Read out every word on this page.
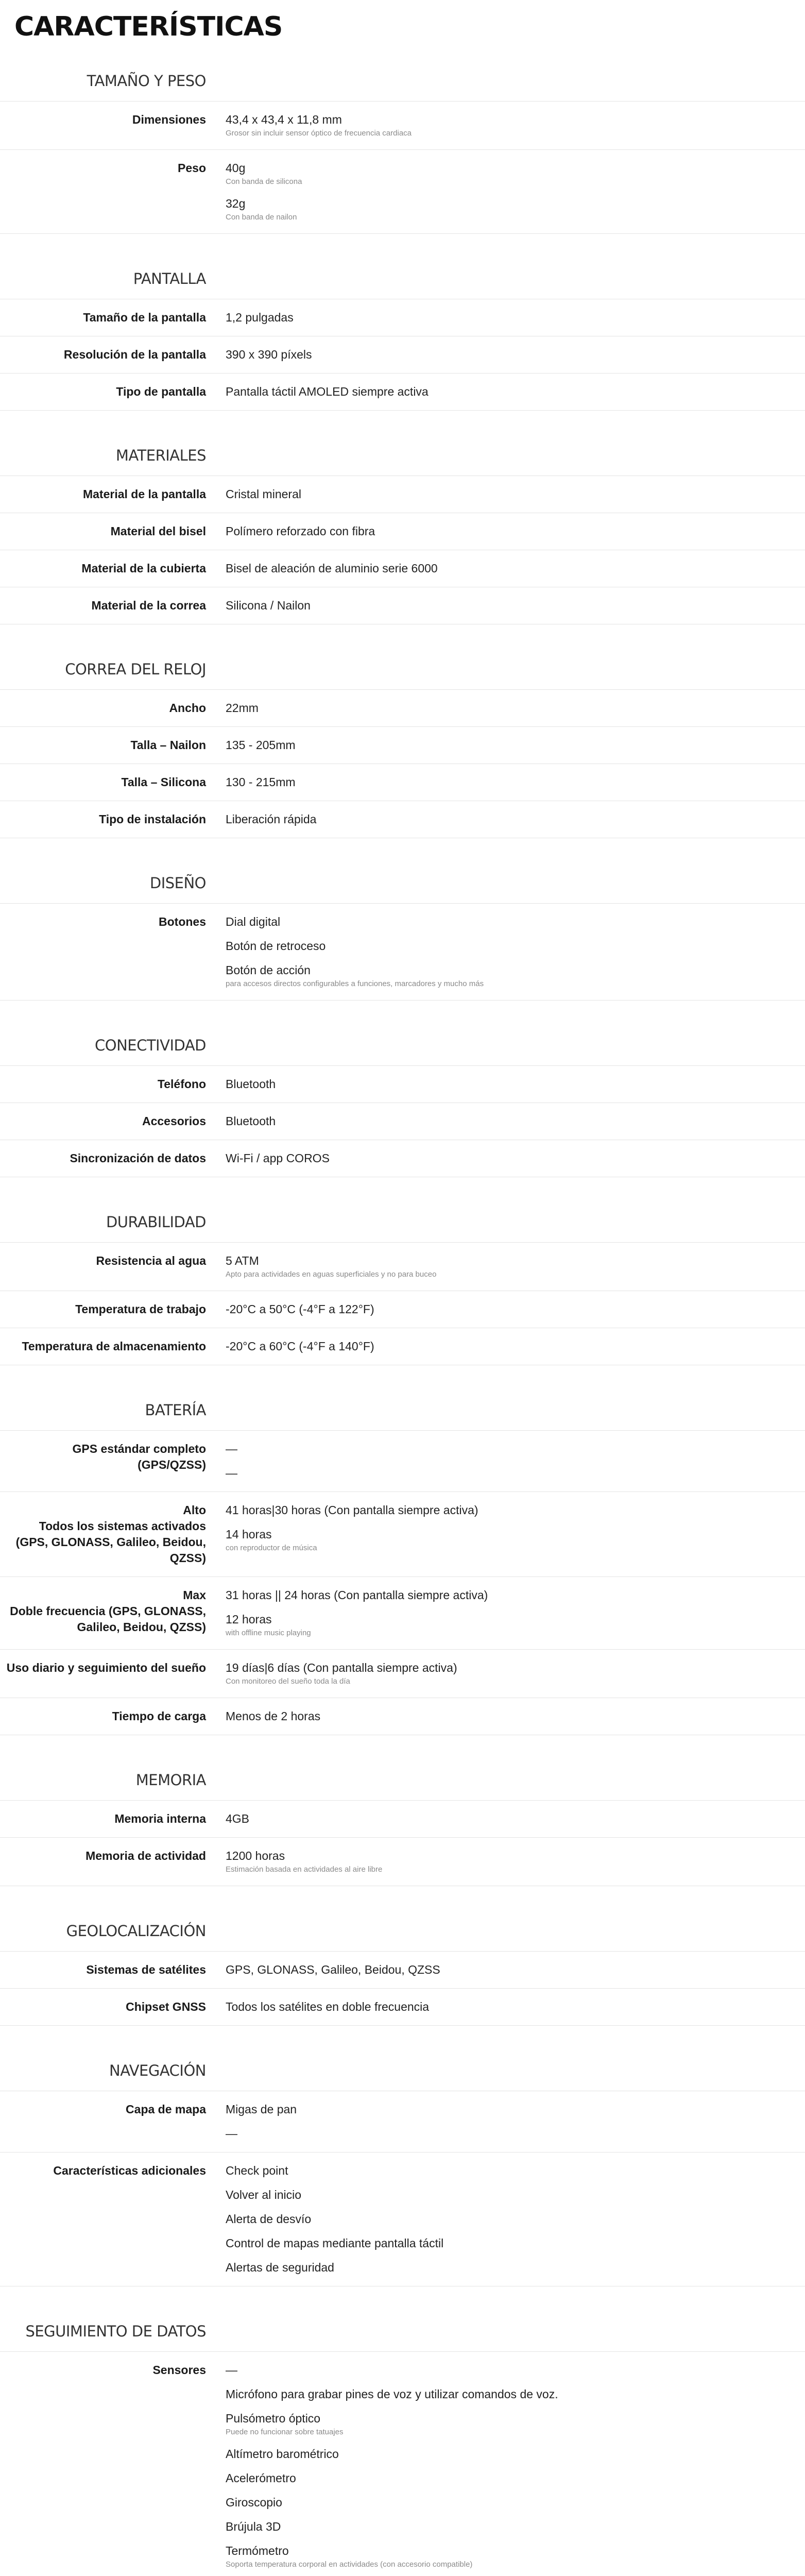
CARACTERÍSTICAS
TAMAÑO Y PESO
Dimensiones 43,4 x 43,4 x 11,8 mm
Grosor sin incluir sensor óptico de frecuencia cardiaca
Peso 40g
Con banda de silicona
32g
Con banda de nailon
PANTALLA
Tamaño de la pantalla 1,2 pulgadas
Resolución de la pantalla 390 x 390 píxels
Tipo de pantalla Pantalla táctil AMOLED siempre activa
MATERIALES
Material de la pantalla Cristal mineral
Material del bisel Polímero reforzado con fibra
Material de la cubierta Bisel de aleación de aluminio serie 6000
Material de la correa Silicona / Nailon
CORREA DEL RELOJ
Ancho 22mm
Talla – Nailon 135 - 205mm
Talla – Silicona 130 - 215mm
Tipo de instalación Liberación rápida
DISEÑO
Botones Dial digital
Botón de retroceso
Botón de acción
para accesos directos configurables a funciones, marcadores y mucho más
CONECTIVIDAD
Teléfono Bluetooth
Accesorios Bluetooth
Sincronización de datos Wi-Fi / app COROS
DURABILIDAD
Resistencia al agua 5 ATM
Apto para actividades en aguas superficiales y no para buceo
Temperatura de trabajo -20°C a 50°C (-4°F a 122°F)
Temperatura de almacenamiento -20°C a 60°C (-4°F a 140°F)
BATERÍA
GPS estándar completo (GPS/QZSS)
—
—
Alto
Todos los sistemas activados (GPS, GLONASS, Galileo, Beidou, QZSS)
41 horas|30 horas (Con pantalla siempre activa)
14 horas
con reproductor de música
Max
Doble frecuencia (GPS, GLONASS, Galileo, Beidou, QZSS)
31 horas || 24 horas (Con pantalla siempre activa)
12 horas
with offline music playing
Uso diario y seguimiento del sueño 19 días|6 días (Con pantalla siempre activa)
Con monitoreo del sueño toda la día
Tiempo de carga Menos de 2 horas
MEMORIA
Memoria interna 4GB
Memoria de actividad 1200 horas
Estimación basada en actividades al aire libre
GEOLOCALIZACIÓN
Sistemas de satélites GPS, GLONASS, Galileo, Beidou, QZSS
Chipset GNSS Todos los satélites en doble frecuencia
NAVEGACIÓN
Capa de mapa Migas de pan
—
Características adicionales Check point
Volver al inicio
Alerta de desvío
Control de mapas mediante pantalla táctil
Alertas de seguridad
SEGUIMIENTO DE DATOS
Sensores —
Micrófono para grabar pines de voz y utilizar comandos de voz.
Pulsómetro óptico
Puede no funcionar sobre tatuajes
Altímetro barométrico
Acelerómetro
Giroscopio
Brújula 3D
Termómetro
Soporta temperatura corporal en actividades (con accesorio compatible)
